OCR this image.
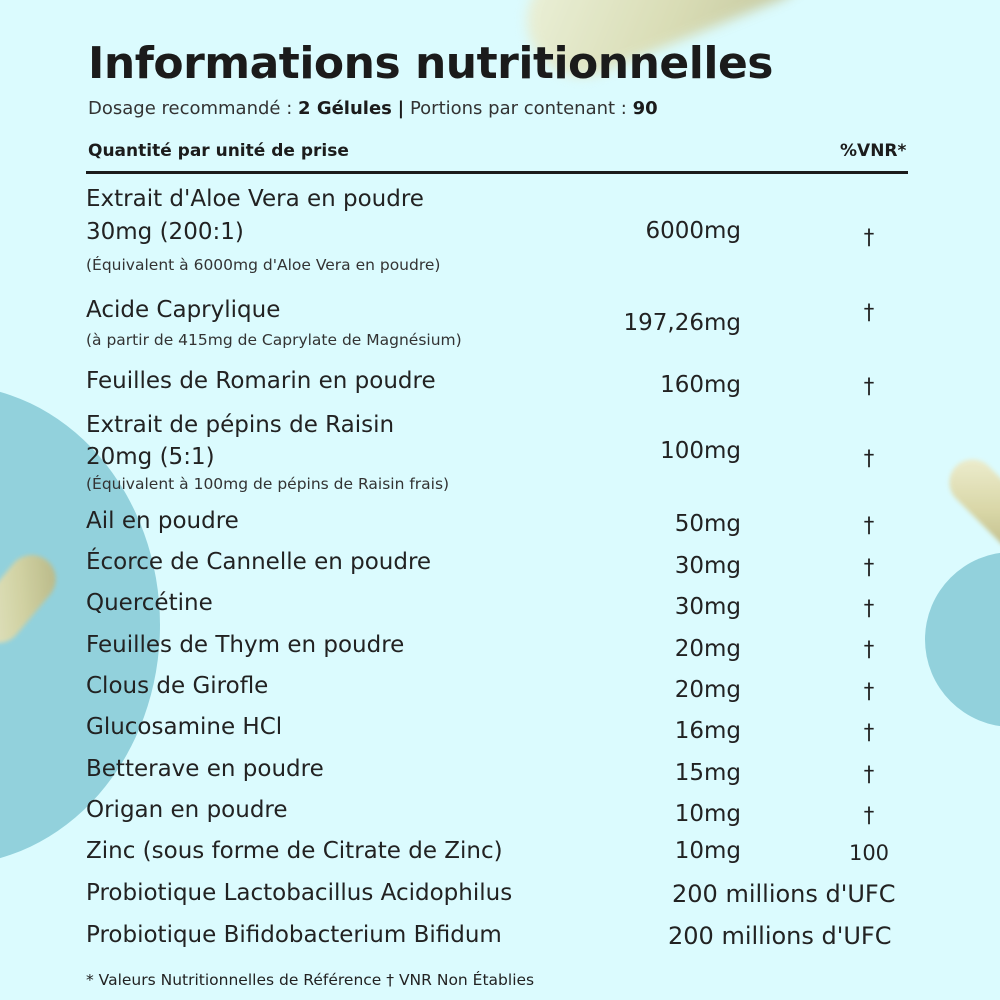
Informations nutritionnelles
Dosage recommandé : 2 Gélules | Portions par contenant : 90
Quantité par unité de prise	%VNR*
Extrait d'Aloe Vera en poudre
30mg (200:1)
(Équivalent à 6000mg d'Aloe Vera en poudre)
6000mg	†
Acide Caprylique
(à partir de 415mg de Caprylate de Magnésium)
197,26mg	†
Feuilles de Romarin en poudre	160mg	†
Extrait de pépins de Raisin
20mg (5:1)
(Équivalent à 100mg de pépins de Raisin frais)
100mg	†
Ail en poudre	50mg	†
Écorce de Cannelle en poudre	30mg	†
Quercétine	30mg	†
Feuilles de Thym en poudre	20mg	†
Clous de Girofle	20mg	†
Glucosamine HCl	16mg	†
Betterave en poudre	15mg	†
Origan en poudre	10mg	†
Zinc (sous forme de Citrate de Zinc)	10mg	100
Probiotique Lactobacillus Acidophilus	200 millions d'UFC
Probiotique Bifidobacterium Bifidum	200 millions d'UFC
* Valeurs Nutritionnelles de Référence † VNR Non Établies
